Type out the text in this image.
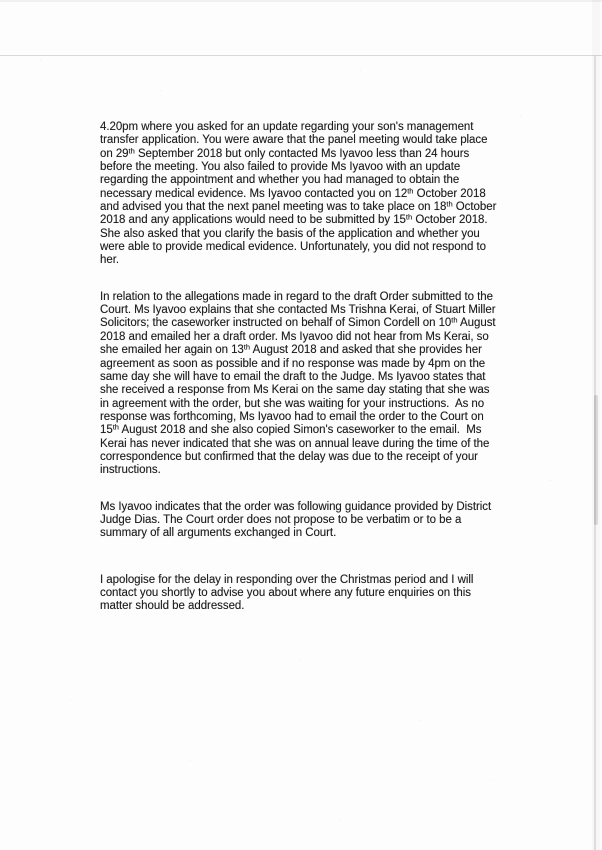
4.20pm where you asked for an update regarding your son's management
transfer application. You were aware that the panel meeting would take place
on 29th September 2018 but only contacted Ms Iyavoo less than 24 hours
before the meeting. You also failed to provide Ms Iyavoo with an update
regarding the appointment and whether you had managed to obtain the
necessary medical evidence. Ms Iyavoo contacted you on 12th October 2018
and advised you that the next panel meeting was to take place on 18th October
2018 and any applications would need to be submitted by 15th October 2018.
She also asked that you clarify the basis of the application and whether you
were able to provide medical evidence. Unfortunately, you did not respond to
her.
In relation to the allegations made in regard to the draft Order submitted to the
Court. Ms Iyavoo explains that she contacted Ms Trishna Kerai, of Stuart Miller
Solicitors; the caseworker instructed on behalf of Simon Cordell on 10th August
2018 and emailed her a draft order. Ms Iyavoo did not hear from Ms Kerai, so
she emailed her again on 13th August 2018 and asked that she provides her
agreement as soon as possible and if no response was made by 4pm on the
same day she will have to email the draft to the Judge. Ms Iyavoo states that
she received a response from Ms Kerai on the same day stating that she was
in agreement with the order, but she was waiting for your instructions.  As no
response was forthcoming, Ms Iyavoo had to email the order to the Court on
15th August 2018 and she also copied Simon's caseworker to the email.  Ms
Kerai has never indicated that she was on annual leave during the time of the
correspondence but confirmed that the delay was due to the receipt of your
instructions.
Ms Iyavoo indicates that the order was following guidance provided by District
Judge Dias. The Court order does not propose to be verbatim or to be a
summary of all arguments exchanged in Court.
I apologise for the delay in responding over the Christmas period and I will
contact you shortly to advise you about where any future enquiries on this
matter should be addressed.
